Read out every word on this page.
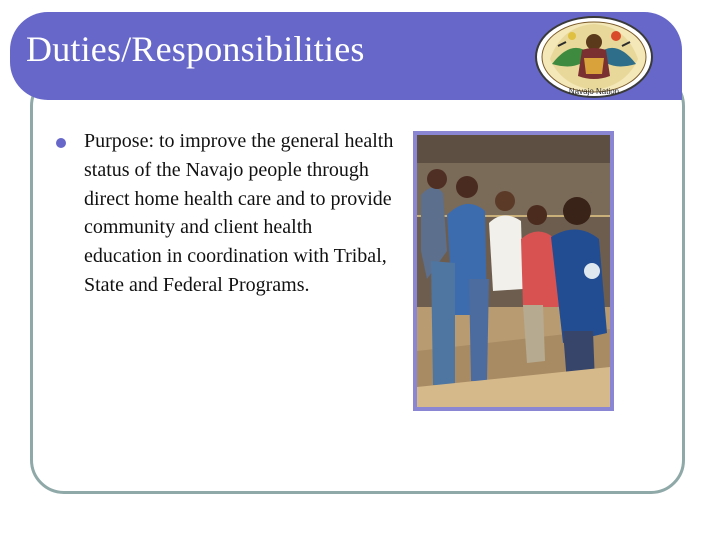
Duties/Responsibilities
Navajo Nation

Purpose: to improve the general health status of the Navajo people through direct home health care and to provide community and client health education in coordination with Tribal, State and Federal Programs.
